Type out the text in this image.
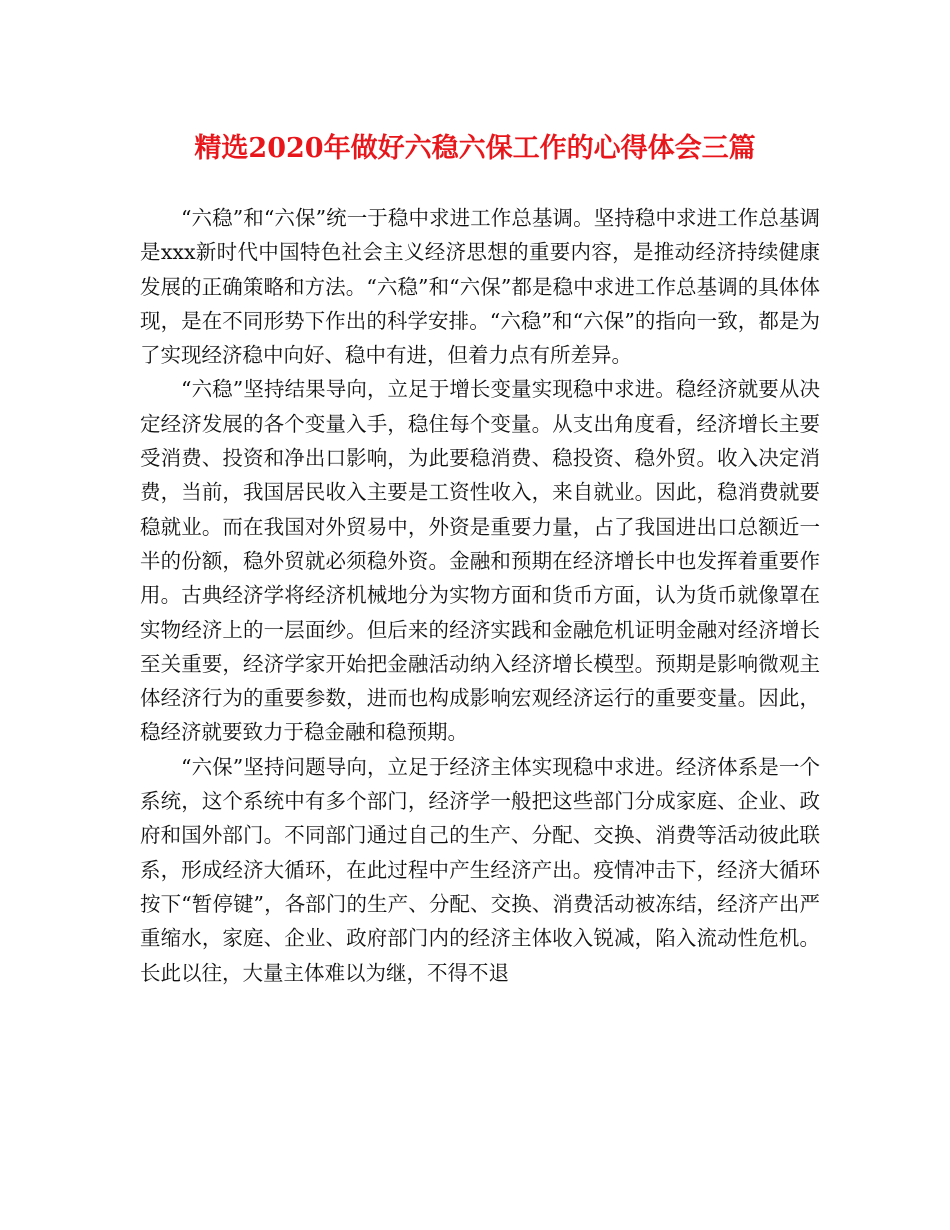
精选2020年做好六稳六保工作的心得体会三篇

“六稳”和“六保”统一于稳中求进工作总基调。坚持稳中求进工作总基调是xxx新时代中国特色社会主义经济思想的重要内容，是推动经济持续健康发展的正确策略和方法。“六稳”和“六保”都是稳中求进工作总基调的具体体现，是在不同形势下作出的科学安排。“六稳”和“六保”的指向一致，都是为了实现经济稳中向好、稳中有进，但着力点有所差异。

“六稳”坚持结果导向，立足于增长变量实现稳中求进。稳经济就要从决定经济发展的各个变量入手，稳住每个变量。从支出角度看，经济增长主要受消费、投资和净出口影响，为此要稳消费、稳投资、稳外贸。收入决定消费，当前，我国居民收入主要是工资性收入，来自就业。因此，稳消费就要稳就业。而在我国对外贸易中，外资是重要力量，占了我国进出口总额近一半的份额，稳外贸就必须稳外资。金融和预期在经济增长中也发挥着重要作用。古典经济学将经济机械地分为实物方面和货币方面，认为货币就像罩在实物经济上的一层面纱。但后来的经济实践和金融危机证明金融对经济增长至关重要，经济学家开始把金融活动纳入经济增长模型。预期是影响微观主体经济行为的重要参数，进而也构成影响宏观经济运行的重要变量。因此，稳经济就要致力于稳金融和稳预期。

“六保”坚持问题导向，立足于经济主体实现稳中求进。经济体系是一个系统，这个系统中有多个部门，经济学一般把这些部门分成家庭、企业、政府和国外部门。不同部门通过自己的生产、分配、交换、消费等活动彼此联系，形成经济大循环，在此过程中产生经济产出。疫情冲击下，经济大循环按下“暂停键”，各部门的生产、分配、交换、消费活动被冻结，经济产出严重缩水，家庭、企业、政府部门内的经济主体收入锐减，陷入流动性危机。长此以往，大量主体难以为继，不得不退
